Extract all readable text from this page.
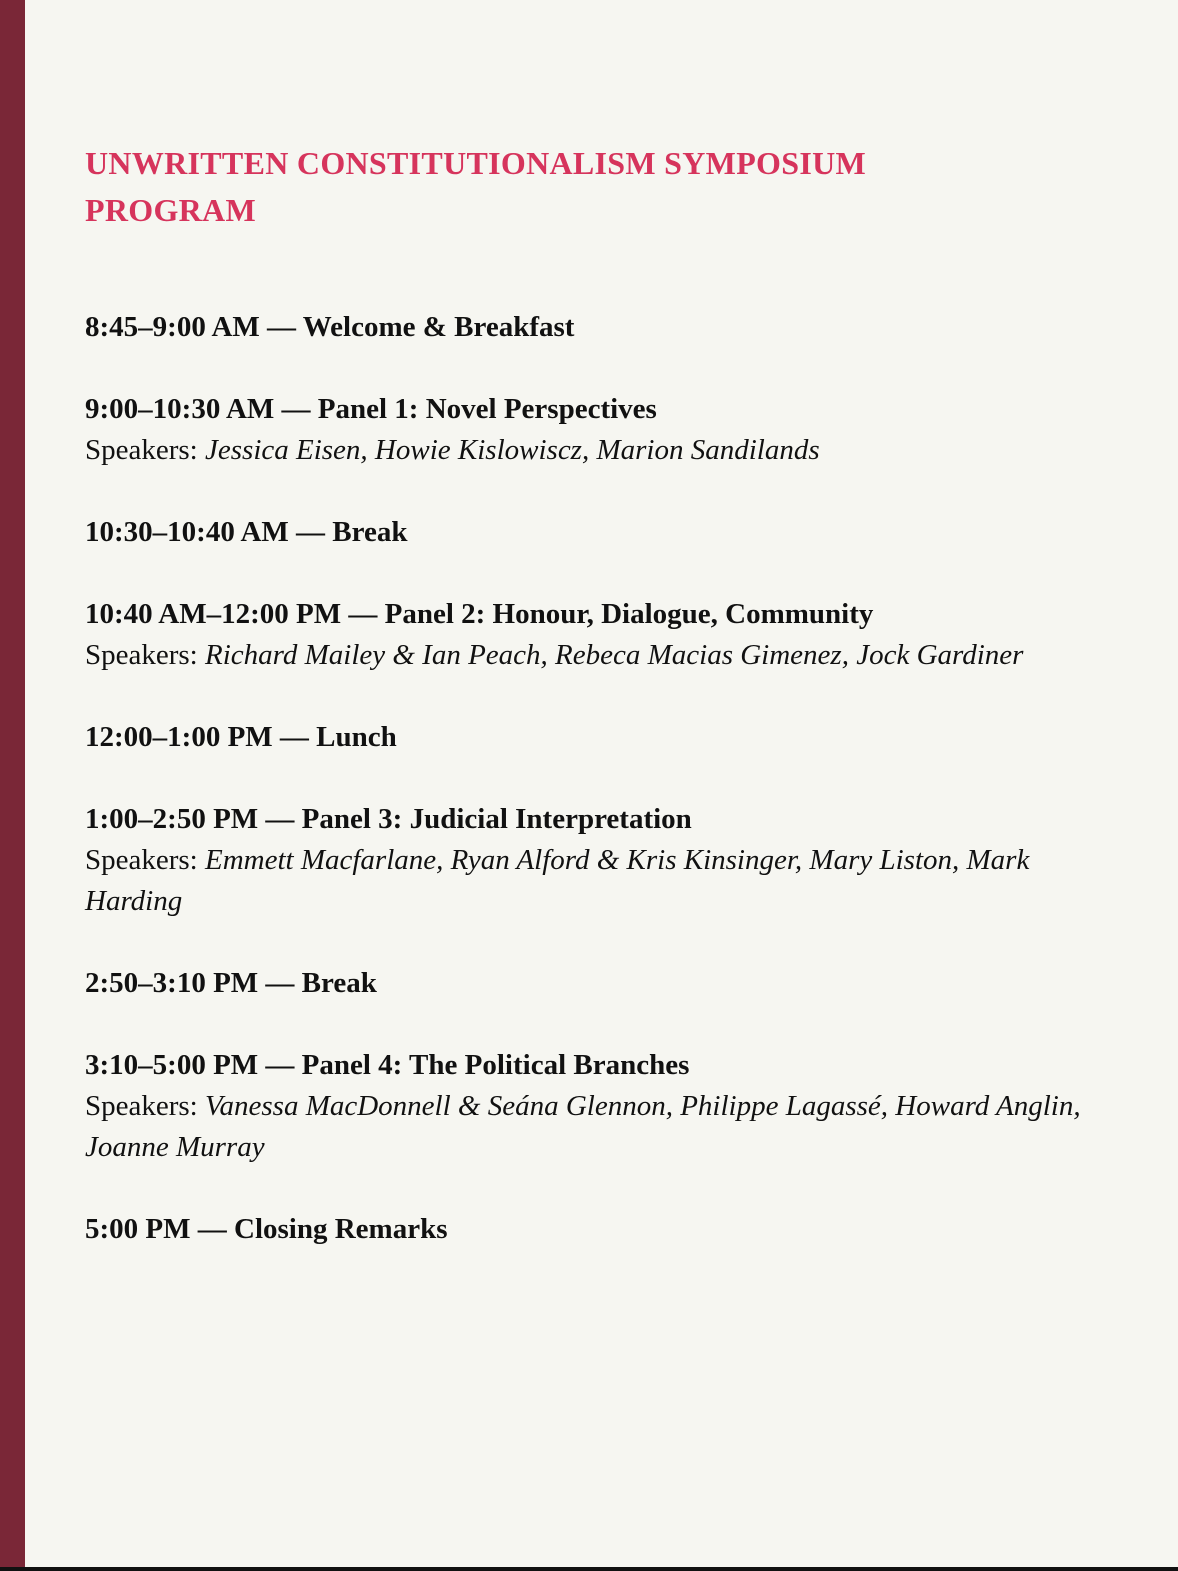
UNWRITTEN CONSTITUTIONALISM SYMPOSIUM
PROGRAM
8:45–9:00 AM — Welcome & Breakfast
9:00–10:30 AM — Panel 1: Novel Perspectives
Speakers: Jessica Eisen, Howie Kislowiscz, Marion Sandilands
10:30–10:40 AM — Break
10:40 AM–12:00 PM — Panel 2: Honour, Dialogue, Community
Speakers: Richard Mailey & Ian Peach, Rebeca Macias Gimenez, Jock Gardiner
12:00–1:00 PM — Lunch
1:00–2:50 PM — Panel 3: Judicial Interpretation
Speakers: Emmett Macfarlane, Ryan Alford & Kris Kinsinger, Mary Liston, Mark Harding
2:50–3:10 PM — Break
3:10–5:00 PM — Panel 4: The Political Branches
Speakers: Vanessa MacDonnell & Seána Glennon, Philippe Lagassé, Howard Anglin, Joanne Murray
5:00 PM — Closing Remarks
